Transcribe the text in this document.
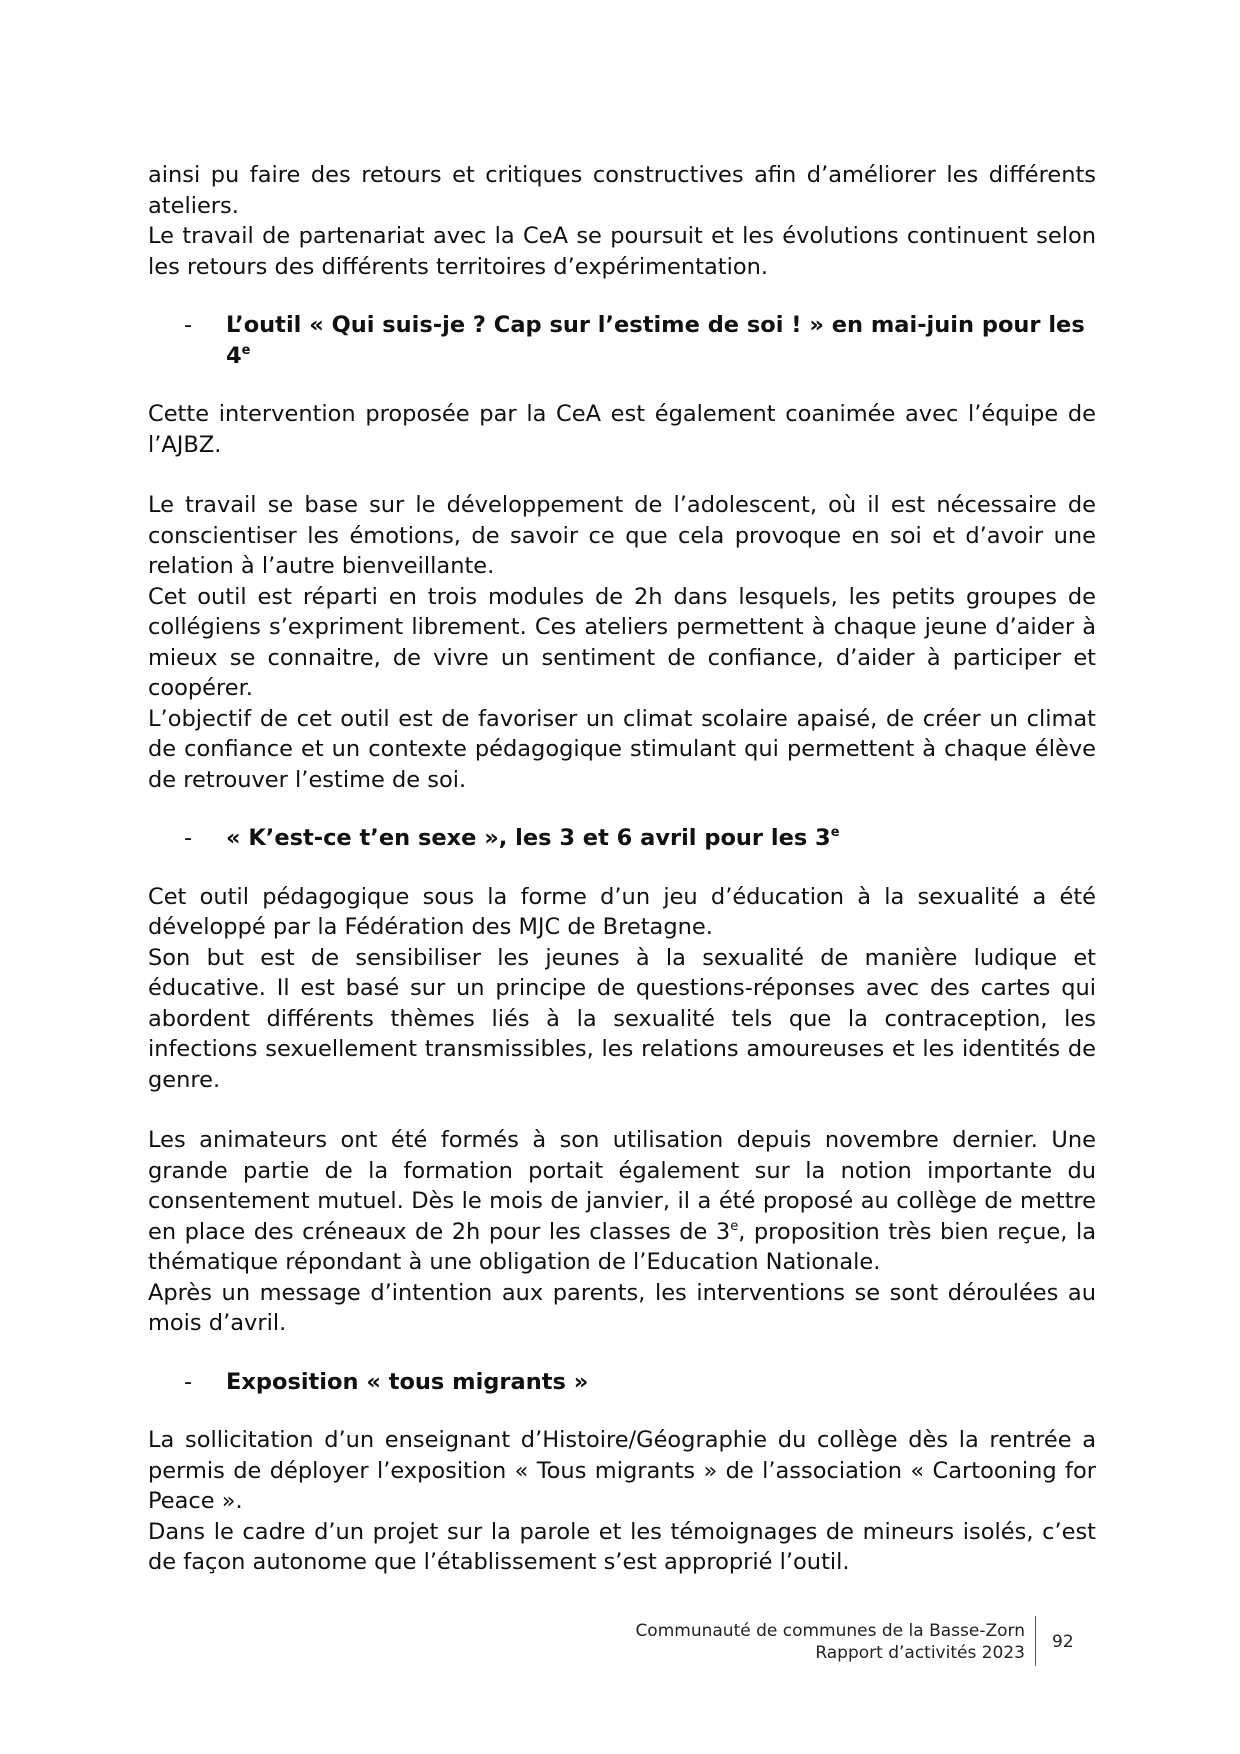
ainsi pu faire des retours et critiques constructives afin d’améliorer les différents ateliers.

Le travail de partenariat avec la CeA se poursuit et les évolutions continuent selon les retours des différents territoires d’expérimentation.

- L’outil « Qui suis-je ? Cap sur l’estime de soi ! » en mai-juin pour les 4e

Cette intervention proposée par la CeA est également coanimée avec l’équipe de l’AJBZ.

Le travail se base sur le développement de l’adolescent, où il est nécessaire de conscientiser les émotions, de savoir ce que cela provoque en soi et d’avoir une relation à l’autre bienveillante.

Cet outil est réparti en trois modules de 2h dans lesquels, les petits groupes de collégiens s’expriment librement. Ces ateliers permettent à chaque jeune d’aider à mieux se connaitre, de vivre un sentiment de confiance, d’aider à participer et coopérer.

L’objectif de cet outil est de favoriser un climat scolaire apaisé, de créer un climat de confiance et un contexte pédagogique stimulant qui permettent à chaque élève de retrouver l’estime de soi.

- « K’est-ce t’en sexe », les 3 et 6 avril pour les 3e

Cet outil pédagogique sous la forme d’un jeu d’éducation à la sexualité a été développé par la Fédération des MJC de Bretagne.

Son but est de sensibiliser les jeunes à la sexualité de manière ludique et éducative. Il est basé sur un principe de questions-réponses avec des cartes qui abordent différents thèmes liés à la sexualité tels que la contraception, les infections sexuellement transmissibles, les relations amoureuses et les identités de genre.

Les animateurs ont été formés à son utilisation depuis novembre dernier. Une grande partie de la formation portait également sur la notion importante du consentement mutuel. Dès le mois de janvier, il a été proposé au collège de mettre en place des créneaux de 2h pour les classes de 3e, proposition très bien reçue, la thématique répondant à une obligation de l’Education Nationale.

Après un message d’intention aux parents, les interventions se sont déroulées au mois d’avril.

- Exposition « tous migrants »

La sollicitation d’un enseignant d’Histoire/Géographie du collège dès la rentrée a permis de déployer l’exposition « Tous migrants » de l’association « Cartooning for Peace ».

Dans le cadre d’un projet sur la parole et les témoignages de mineurs isolés, c’est de façon autonome que l’établissement s’est approprié l’outil.

Communauté de communes de la Basse-Zorn
Rapport d’activités 2023
92
